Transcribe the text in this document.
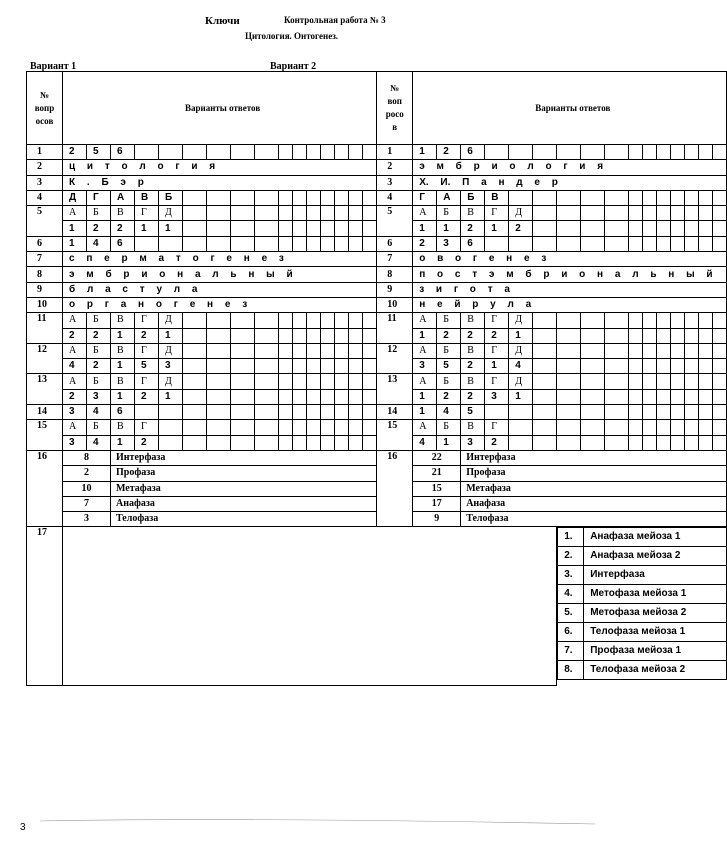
Ключи	Контрольная работа № 3
Цитология. Онтогенез.
Вариант 1	Вариант 2
№
вопр
осов	Варианты ответов	№
воп
росо
в	Варианты ответов
1	2	5	6														1	1	2	6													
2	ц и т о л о г и я	2	э м б р и о л о г и я
3	К . Б э р	3	Х. И. П а н д е р
4	Д	Г	А	В	Б												4	Г	А	Б	В												
5	А	Б	В	Г	Д												5	А	Б	В	Г	Д											
1	2	2	1	1												1	1	2	1	2											
6	1	4	6														6	2	3	6													
7	с п е р м а т о г е н е з	7	о в о г е н е з
8	э м б р и о н а л ь н ы й	8	п о с т э м б р и о н а л ь н ы й
9	б л а с т у л а	9	з и г о т а
10	о р г а н о г е н е з	10	н е й р у л а
11	А	Б	В	Г	Д												11	А	Б	В	Г	Д											
2	2	1	2	1												1	2	2	2	1											
12	А	Б	В	Г	Д												12	А	Б	В	Г	Д											
4	2	1	5	3												3	5	2	1	4											
13	А	Б	В	Г	Д												13	А	Б	В	Г	Д											
2	3	1	2	1												1	2	2	3	1											
14	3	4	6														14	1	4	5													
15	А	Б	В	Г													15	А	Б	В	Г												
3	4	1	2													4	1	3	2												
16	8	Интерфаза	16	22	Интерфаза
2	Профаза	21	Профаза
10	Метафаза	15	Метафаза
7	Анафаза	17	Анафаза
3	Телофаза	9	Телофаза
17			1.	Анафаза мейоза 1
2.	Анафаза мейоза 2
3.	Интерфаза
4.	Метофаза мейоза 1
5.	Метофаза мейоза 2
6.	Телофаза мейоза 1
7.	Профаза мейоза 1
8.	Телофаза мейоза 2
3
